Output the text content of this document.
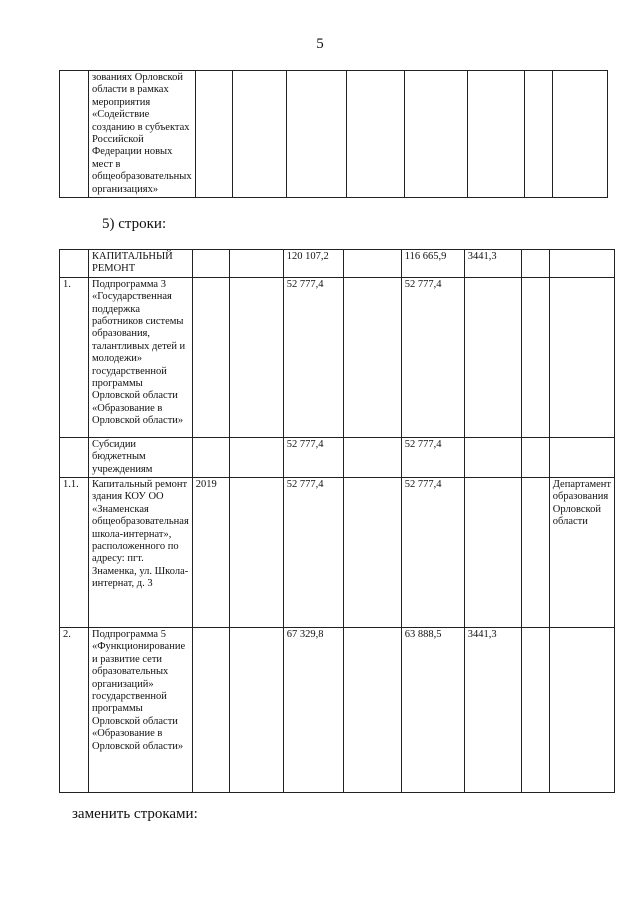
5
	зованиях Орловской области в рамках мероприятия «Содействие созданию в субъектах Российской Федерации новых мест в общеобразовательных организациях»								
5) строки:
	КАПИТАЛЬНЫЙ РЕМОНТ			120 107,2		116 665,9	3441,3		
1.	Подпрограмма 3 «Государственная поддержка работников системы образования, талантливых детей и молодежи» государственной программы Орловской области «Образование в Орловской области»			52 777,4		52 777,4			
	Субсидии бюджетным учреждениям			52 777,4		52 777,4			
1.1.	Капитальный ремонт здания КОУ ОО «Знаменская общеобразовательная школа-интернат», расположенного по адресу: пгт. Знаменка, ул. Школа-интернат, д. 3	2019		52 777,4		52 777,4			Департамент образования Орловской области
2.	Подпрограмма 5 «Функционирование и развитие сети образовательных организаций» государственной программы Орловской области «Образование в Орловской области»			67 329,8		63 888,5	3441,3		
заменить строками:
